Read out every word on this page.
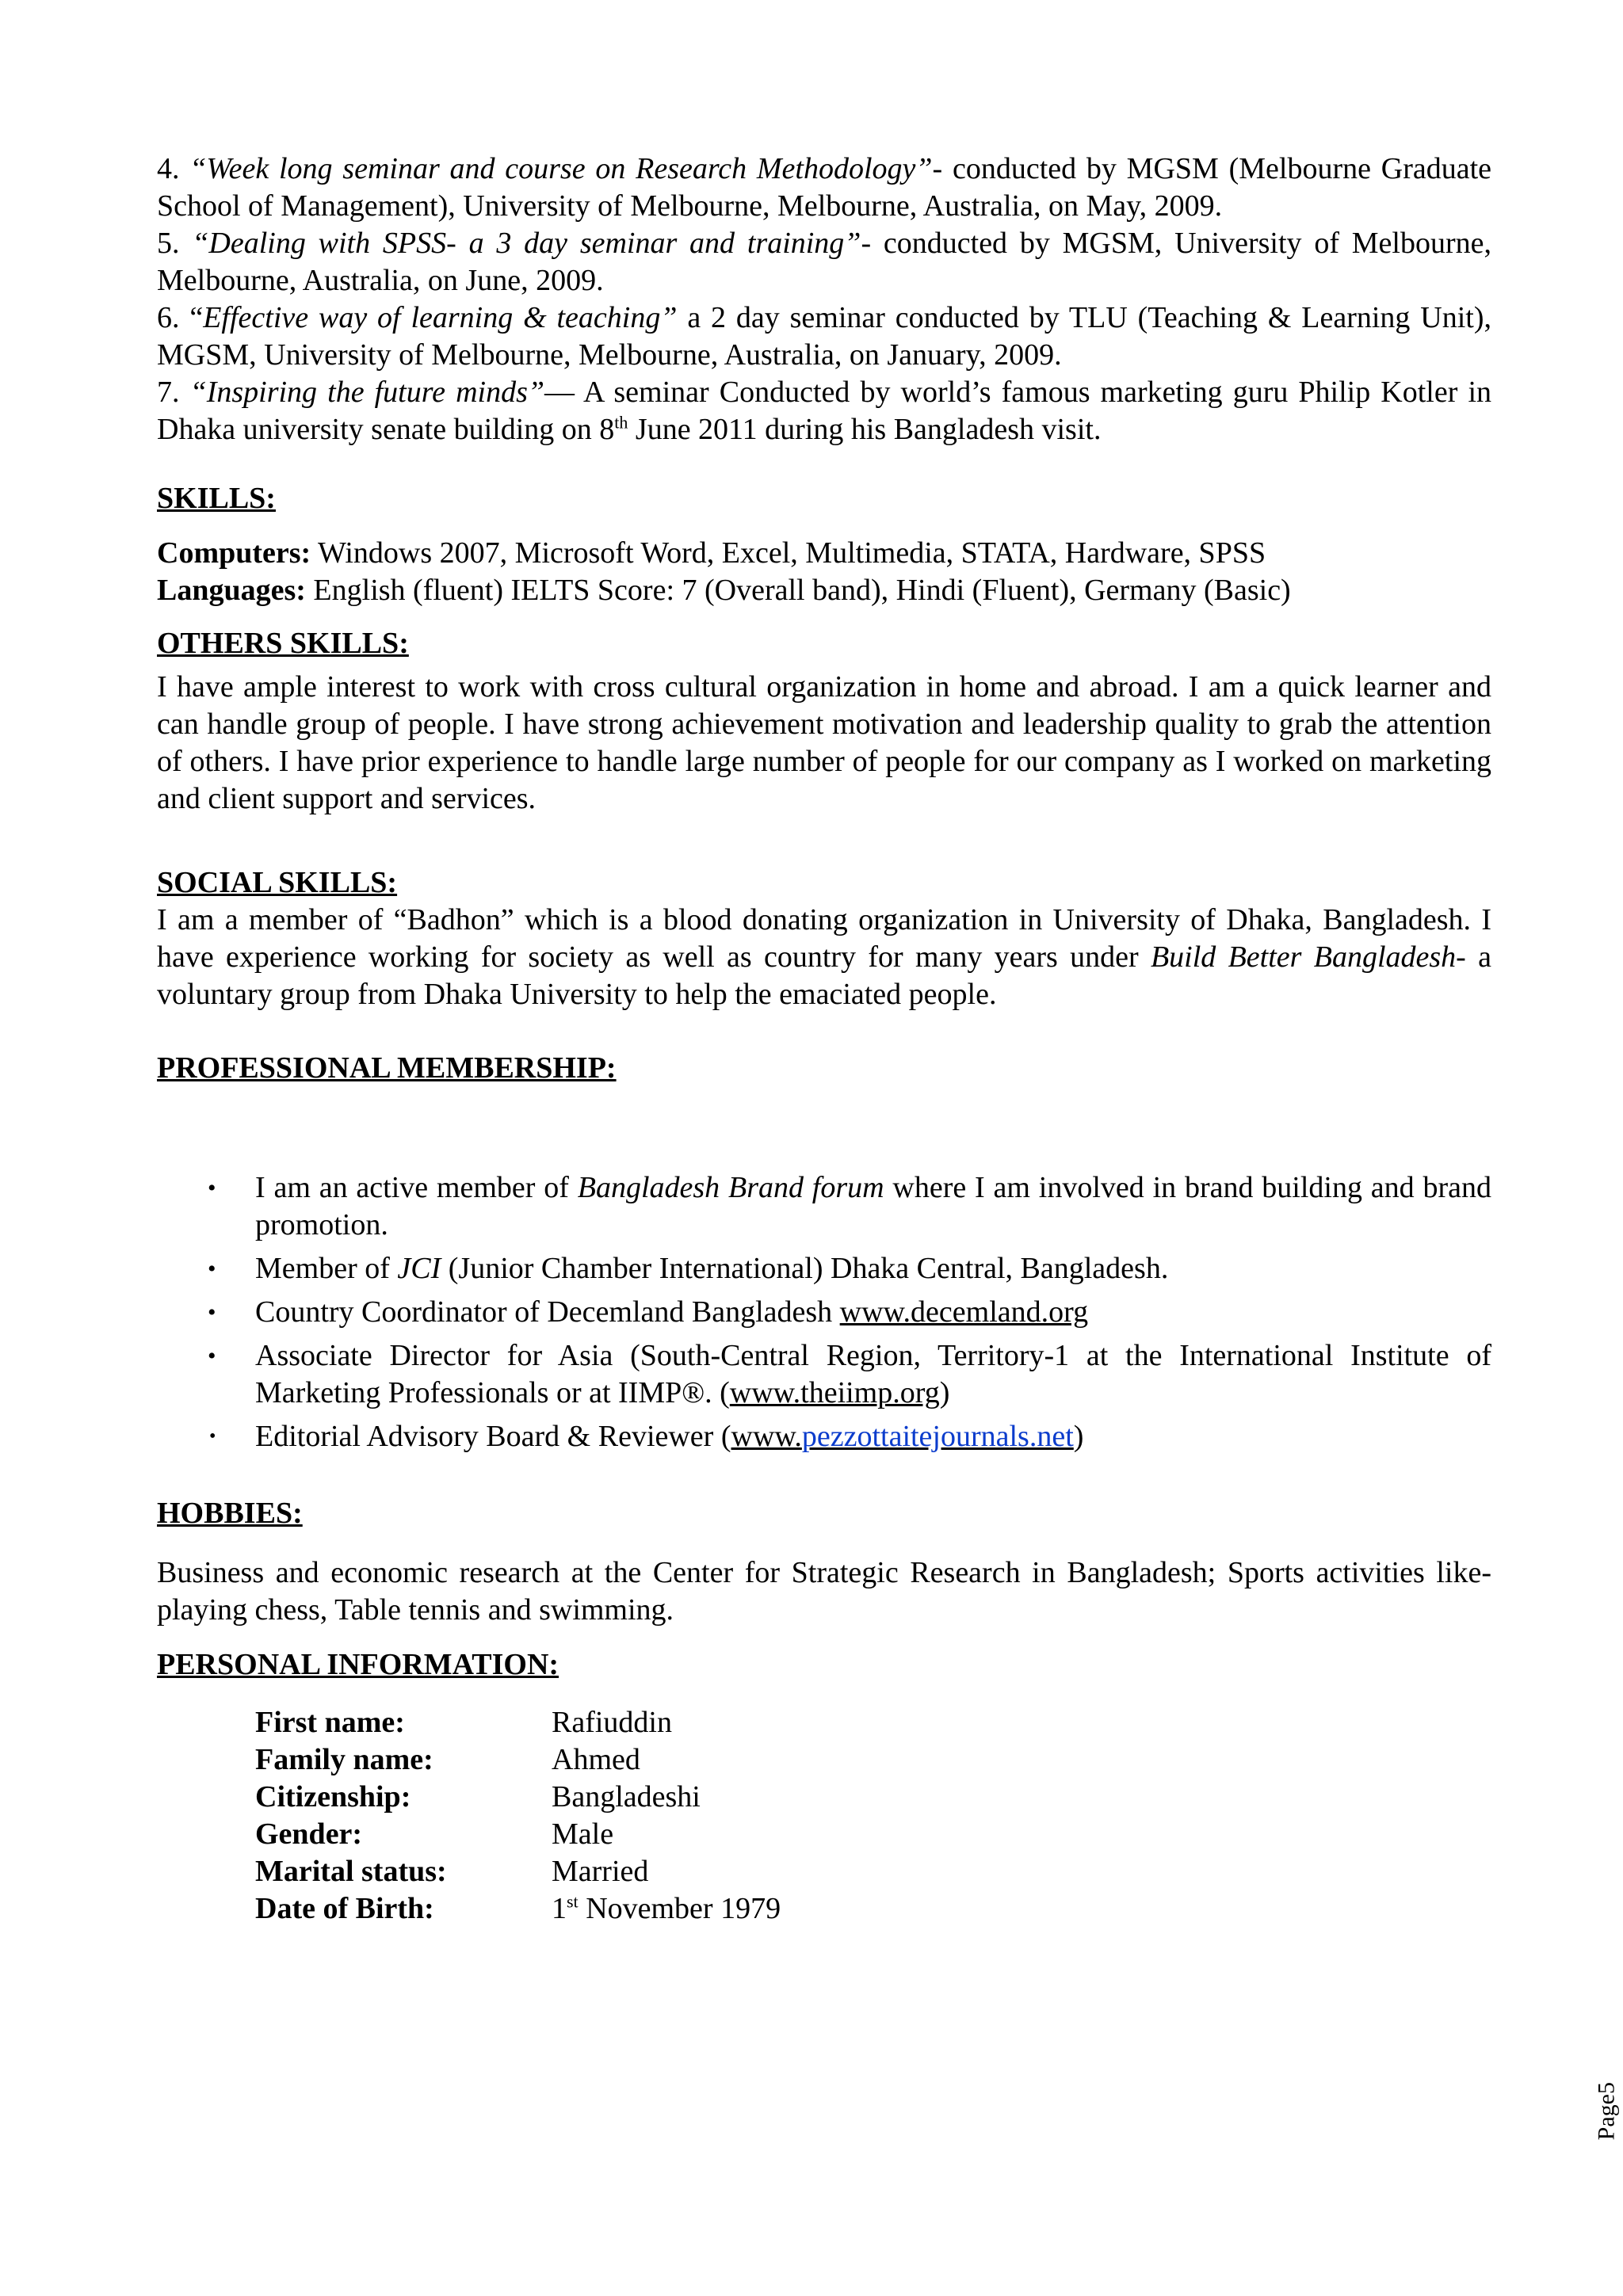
4. “Week long seminar and course on Research Methodology”- conducted by MGSM (Melbourne Graduate School of Management), University of Melbourne, Melbourne, Australia, on May, 2009.

5. “Dealing with SPSS- a 3 day seminar and training”- conducted by MGSM, University of Melbourne, Melbourne, Australia, on June, 2009.

6. “Effective way of learning & teaching” a 2 day seminar conducted by TLU (Teaching & Learning Unit), MGSM, University of Melbourne, Melbourne, Australia, on January, 2009.

7. “Inspiring the future minds”— A seminar Conducted by world’s famous marketing guru Philip Kotler in Dhaka university senate building on 8th June 2011 during his Bangladesh visit.

SKILLS:

Computers: Windows 2007, Microsoft Word, Excel, Multimedia, STATA, Hardware, SPSS

Languages: English (fluent) IELTS Score: 7 (Overall band), Hindi (Fluent), Germany (Basic)

OTHERS SKILLS:

I have ample interest to work with cross cultural organization in home and abroad. I am a quick learner and can handle group of people. I have strong achievement motivation and leadership quality to grab the attention of others. I have prior experience to handle large number of people for our company as I worked on marketing and client support and services.

SOCIAL SKILLS:

I am a member of “Badhon” which is a blood donating organization in University of Dhaka, Bangladesh. I have experience working for society as well as country for many years under Build Better Bangladesh- a voluntary group from Dhaka University to help the emaciated people.

PROFESSIONAL MEMBERSHIP:

• I am an active member of Bangladesh Brand forum where I am involved in brand building and brand promotion.
• Member of JCI (Junior Chamber International) Dhaka Central, Bangladesh.
• Country Coordinator of Decemland Bangladesh www.decemland.org
• Associate Director for Asia (South-Central Region, Territory-1 at the International Institute of Marketing Professionals or at IIMP®. (www.theiimp.org)
• Editorial Advisory Board & Reviewer (www.pezzottaitejournals.net)

HOBBIES:

Business and economic research at the Center for Strategic Research in Bangladesh; Sports activities like-playing chess, Table tennis and swimming.

PERSONAL INFORMATION:

First name:	Rafiuddin
Family name:	Ahmed
Citizenship:	Bangladeshi
Gender:	Male
Marital status:	Married
Date of Birth:	1st November 1979
Page5
